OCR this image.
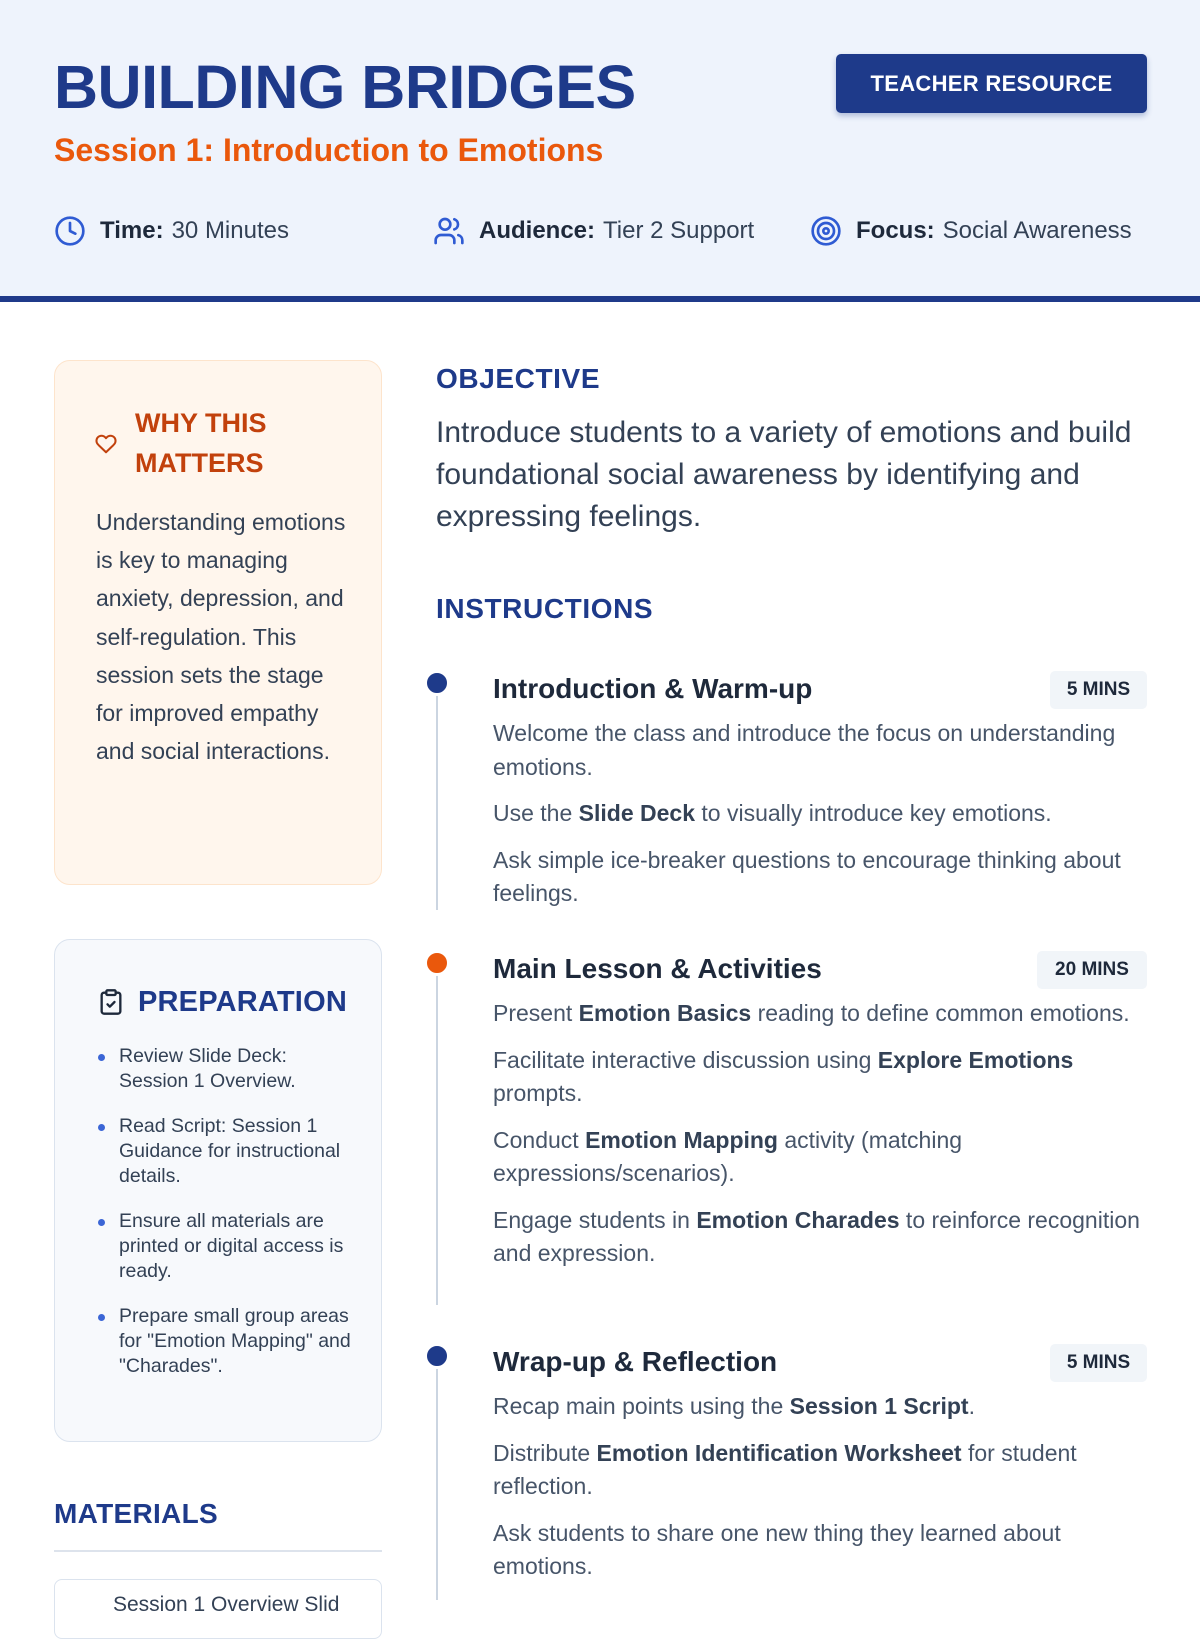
BUILDING BRIDGES
Session 1: Introduction to Emotions
TEACHER RESOURCE
Time: 30 Minutes	Audience: Tier 2 Support	Focus: Social Awareness
WHY THIS MATTERS
Understanding emotions is key to managing anxiety, depression, and self-regulation. This session sets the stage for improved empathy and social interactions.
PREPARATION
Review Slide Deck: Session 1 Overview.
Read Script: Session 1 Guidance for instructional details.
Ensure all materials are printed or digital access is ready.
Prepare small group areas for "Emotion Mapping" and "Charades".
MATERIALS
Session 1 Overview Slid
OBJECTIVE
Introduce students to a variety of emotions and build foundational social awareness by identifying and expressing feelings.
INSTRUCTIONS
Introduction & Warm-up	5 MINS

Welcome the class and introduce the focus on understanding emotions.

Use the Slide Deck to visually introduce key emotions.

Ask simple ice-breaker questions to encourage thinking about feelings.

Main Lesson & Activities	20 MINS

Present Emotion Basics reading to define common emotions.

Facilitate interactive discussion using Explore Emotions prompts.

Conduct Emotion Mapping activity (matching expressions/scenarios).

Engage students in Emotion Charades to reinforce recognition and expression.

Wrap-up & Reflection	5 MINS

Recap main points using the Session 1 Script.

Distribute Emotion Identification Worksheet for student reflection.

Ask students to share one new thing they learned about emotions.
